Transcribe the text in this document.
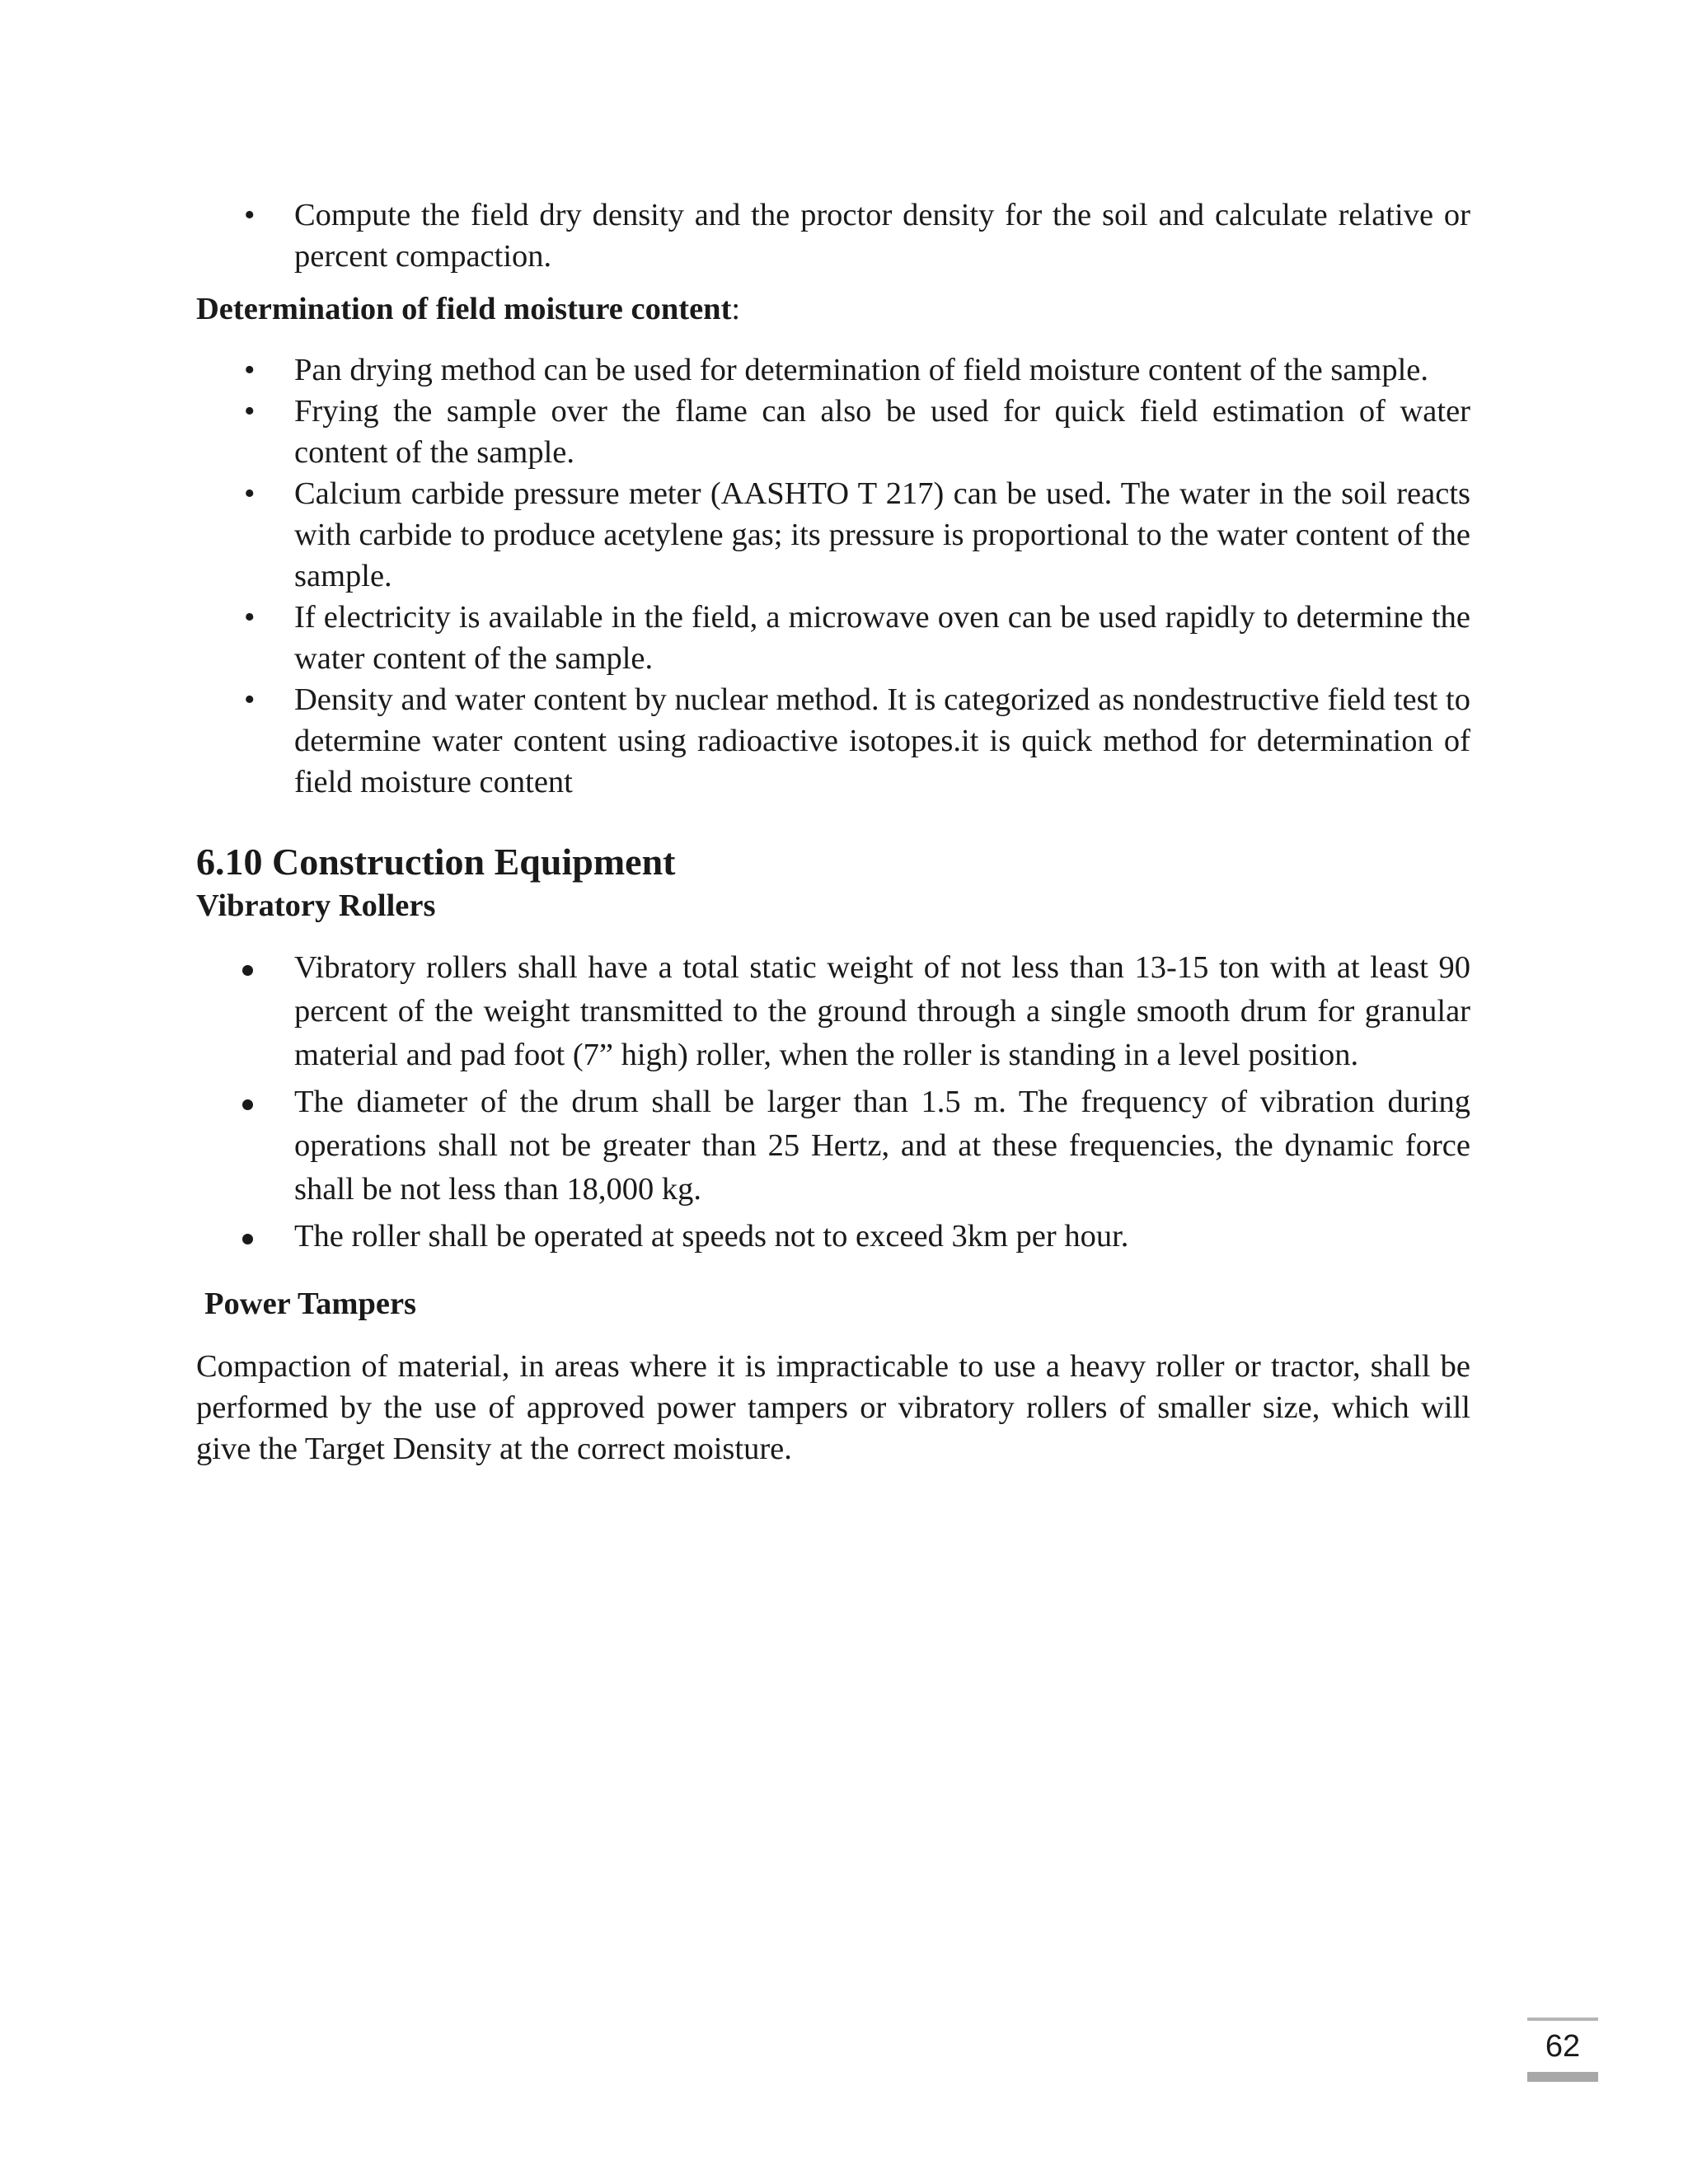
•	Compute the field dry density and the proctor density for the soil and calculate relative or percent compaction.

Determination of field moisture content:

•	Pan drying method can be used for determination of field moisture content of the sample.
•	Frying the sample over the flame can also be used for quick field estimation of water content of the sample.
•	Calcium carbide pressure meter (AASHTO T 217) can be used. The water in the soil reacts with carbide to produce acetylene gas; its pressure is proportional to the water content of the sample.
•	If electricity is available in the field, a microwave oven can be used rapidly to determine the water content of the sample.
•	Density and water content by nuclear method. It is categorized as nondestructive field test to determine water content using radioactive isotopes.it is quick method for determination of field moisture content
6.10 Construction Equipment

Vibratory Rollers

Vibratory rollers shall have a total static weight of not less than 13-15 ton with at least 90 percent of the weight transmitted to the ground through a single smooth drum for granular material and pad foot (7” high) roller, when the roller is standing in a level position.
The diameter of the drum shall be larger than 1.5 m. The frequency of vibration during operations shall not be greater than 25 Hertz, and at these frequencies, the dynamic force shall be not less than 18,000 kg.
The roller shall be operated at speeds not to exceed 3km per hour.

Power Tampers

Compaction of material, in areas where it is impracticable to use a heavy roller or tractor, shall be performed by the use of approved power tampers or vibratory rollers of smaller size, which will give the Target Density at the correct moisture.

62
